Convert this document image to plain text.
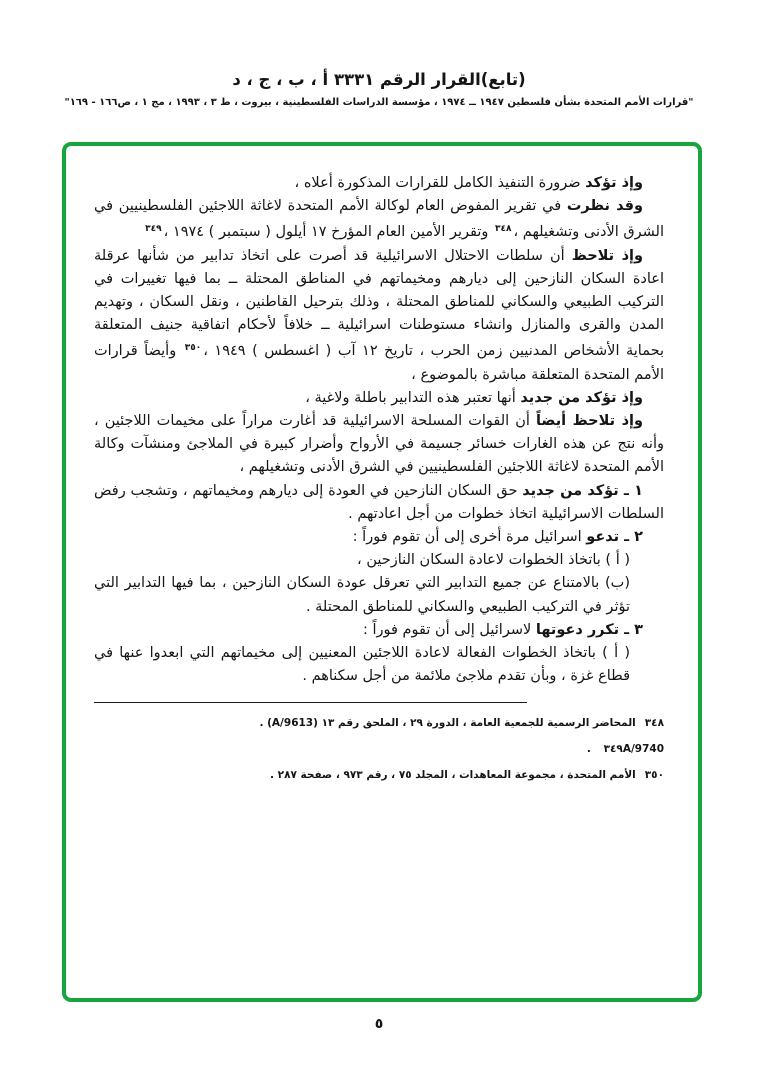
(تابع)القرار الرقم ٣٣٣١ أ ، ب ، ج ، د
"قرارات الأمم المتحدة بشأن فلسطين ١٩٤٧ ــ ١٩٧٤ ، مؤسسة الدراسات الفلسطينية ، بيروت ، ط ٣ ، ١٩٩٣ ، مج ١ ، ص١٦٦ - ١٦٩"

وإذ تؤكد ضرورة التنفيذ الكامل للقرارات المذكورة أعلاه ،

وقد نظرت في تقرير المفوض العام لوكالة الأمم المتحدة لاغاثة اللاجئين الفلسطينيين في الشرق الأدنى وتشغيلهم ،$^{٣٤٨}$ وتقرير الأمين العام المؤرخ ١٧ أيلول ( سبتمبر ) ١٩٧٤ ،$^{٣٤٩}$

وإذ تلاحظ أن سلطات الاحتلال الاسرائيلية قد أصرت على اتخاذ تدابير من شأنها عرقلة اعادة السكان النازحين إلى ديارهم ومخيماتهم في المناطق المحتلة ــ بما فيها تغييرات في التركيب الطبيعي والسكاني للمناطق المحتلة ، وذلك بترحيل القاطنين ، ونقل السكان ، وتهديم المدن والقرى والمنازل وانشاء مستوطنات اسرائيلية ــ خلافاً لأحكام اتفاقية جنيف المتعلقة بحماية الأشخاص المدنيين زمن الحرب ، تاريخ ١٢ آب ( اغسطس ) ١٩٤٩ ،$^{٣٥٠}$ وأيضاً قرارات الأمم المتحدة المتعلقة مباشرة بالموضوع ،

وإذ تؤكد من جديد أنها تعتبر هذه التدابير باطلة ولاغية ،

وإذ تلاحظ أيضاً أن القوات المسلحة الاسرائيلية قد أغارت مراراً على مخيمات اللاجئين ، وأنه نتج عن هذه الغارات خسائر جسيمة في الأرواح وأضرار كبيرة في الملاجئ ومنشآت وكالة الأمم المتحدة لاغاثة اللاجئين الفلسطينيين في الشرق الأدنى وتشغيلهم ،

١ ـ تؤكد من جديد حق السكان النازحين في العودة إلى ديارهم ومخيماتهم ، وتشجب رفض السلطات الاسرائيلية اتخاذ خطوات من أجل اعادتهم .

٢ ـ تدعو اسرائيل مرة أخرى إلى أن تقوم فوراً :

( أ ) باتخاذ الخطوات لاعادة السكان النازحين ،

(ب) بالامتناع عن جميع التدابير التي تعرقل عودة السكان النازحين ، بما فيها التدابير التي تؤثر في التركيب الطبيعي والسكاني للمناطق المحتلة .

٣ ـ تكرر دعوتها لاسرائيل إلى أن تقوم فوراً :

( أ ) باتخاذ الخطوات الفعالة لاعادة اللاجئين المعنيين إلى مخيماتهم التي ابعدوا عنها في قطاع غزة ، وبأن تقدم ملاجئ ملائمة من أجل سكناهم .

٣٤٨المحاضر الرسمية للجمعية العامة ، الدورة ٢٩ ، الملحق رقم ١٣ (A/9613) .

٣٤٩A/9740 .

٣٥٠الأمم المتحدة ، مجموعة المعاهدات ، المجلد ٧٥ ، رقم ٩٧٣ ، صفحة ٢٨٧ .

٥
